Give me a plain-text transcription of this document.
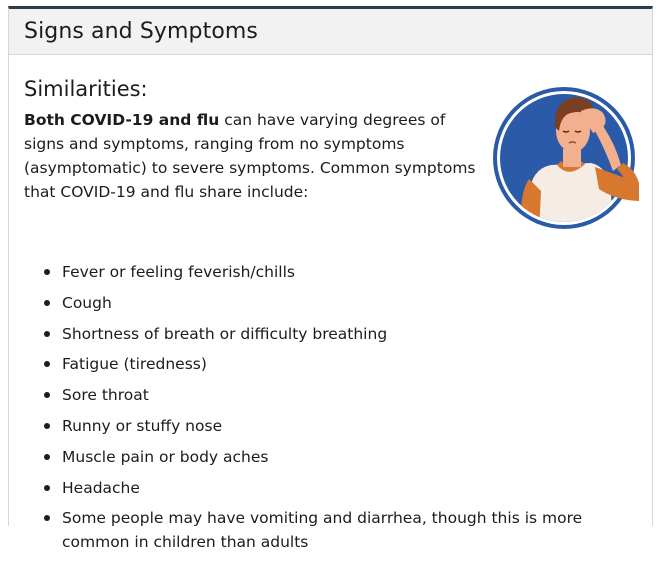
Signs and Symptoms
Similarities:

Both COVID-19 and flu can have varying degrees of signs and symptoms, ranging from no symptoms (asymptomatic) to severe symptoms. Common symptoms that COVID-19 and flu share include:

Fever or feeling feverish/chills
Cough
Shortness of breath or difficulty breathing
Fatigue (tiredness)
Sore throat
Runny or stuffy nose
Muscle pain or body aches
Headache
Some people may have vomiting and diarrhea, though this is more common in children than adults
